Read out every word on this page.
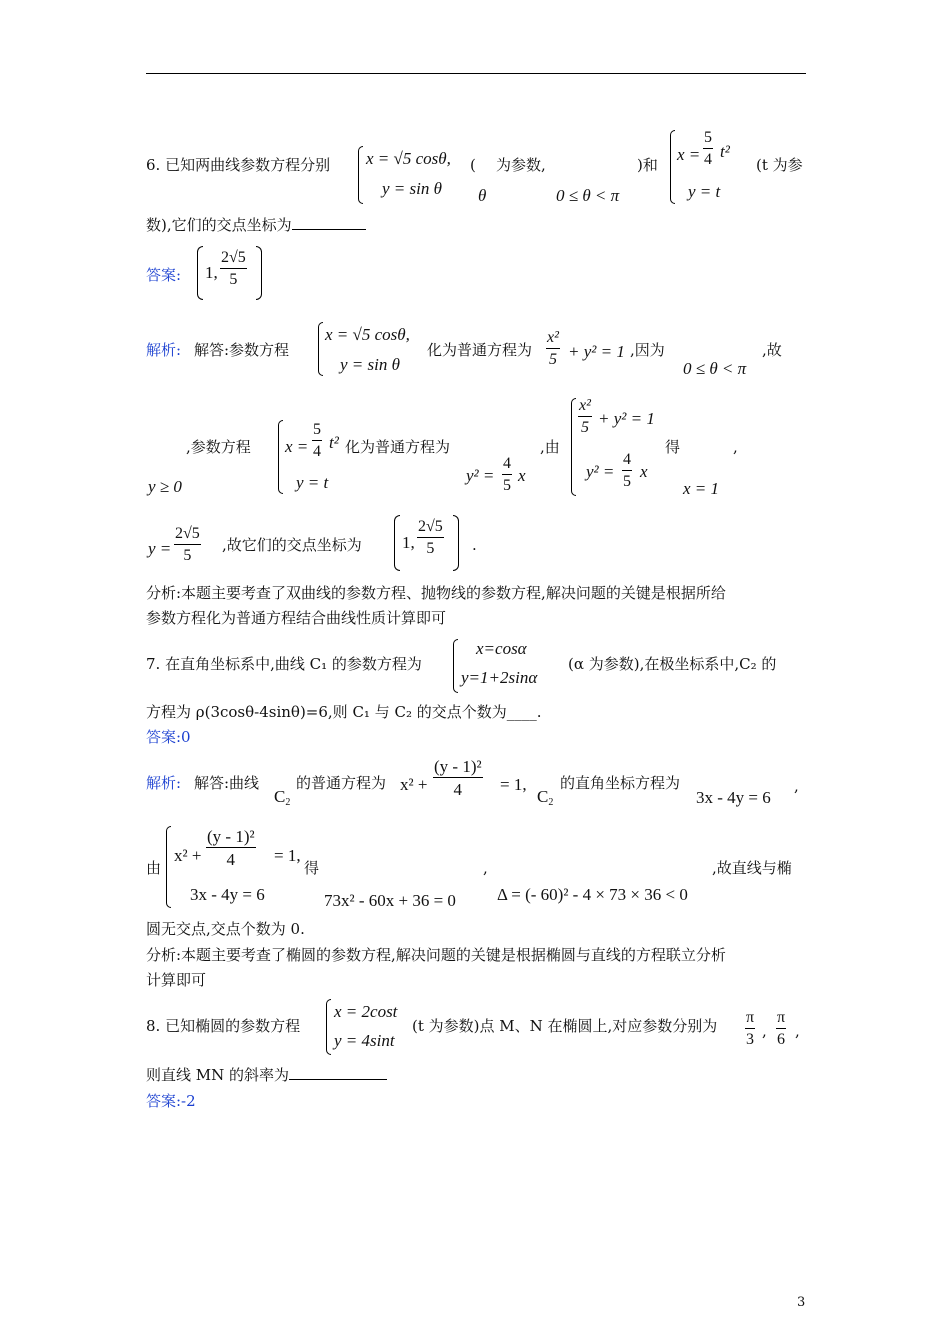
6. 已知两曲线参数方程分别 x = √5 cosθ,
y = sin θ
(
θ
为参数,
0 ≤ θ < π
)和
$x = \frac{5}{4} t^2$
y = t
(t 为参
数),它们的交点坐标为
答案: 1, $\frac{2√5}{5}$
解析: 解答:参数方程
x = √5 cosθ,
y = sin θ
化为普通方程为 $\frac{\text{x²}}{5} + y^2 = 1$ ,因为
0 ≤ θ < π
,故
y ≥ 0
,参数方程 $x = \frac{5}{4} t^2$
y = t
化为普通方程为
$y^2 = \frac{4}{5}$ x
,由
$\frac{\text{x²}}{5} + y^2 = 1$
$y^2 = \frac{4}{5}$ x
得
x = 1
,
$y = \frac{2√5}{5}$ ,故它们的交点坐标为 1, $\frac{2√5}{5}$ .
分析:本题主要考查了双曲线的参数方程、抛物线的参数方程,解决问题的关键是根据所给
参数方程化为普通方程结合曲线性质计算即可
7. 在直角坐标系中,曲线 C₁ 的参数方程为
x=cosα
y=1+2sinα
(α 为参数),在极坐标系中,C₂ 的
方程为 ρ(3cosθ-4sinθ)=6,则 C₁ 与 C₂ 的交点个数为____.
答案:0
解析: 解答:曲线
$C_2$
的普通方程为 $x^2 + \frac{\text{(y - 1)²}}{4} = 1$,
$C_2$
的直角坐标方程为
3x - 4y = 6
,
由
$x^2 + \frac{\text{(y - 1)²}}{4} = 1$,
3x - 4y = 6
得
73x² - 60x + 36 = 0
,
Δ = (- 60)² - 4 × 73 × 36 < 0
,故直线与椭
圆无交点,交点个数为 0.
分析:本题主要考查了椭圆的参数方程,解决问题的关键是根据椭圆与直线的方程联立分析
计算即可
8. 已知椭圆的参数方程
x = 2cost
y = 4sint
(t 为参数)点 M、N 在椭圆上,对应参数分别为 $\frac{\pi}{3}$ , $\frac{\pi}{6}$ ,
则直线 MN 的斜率为
答案:-2
3
